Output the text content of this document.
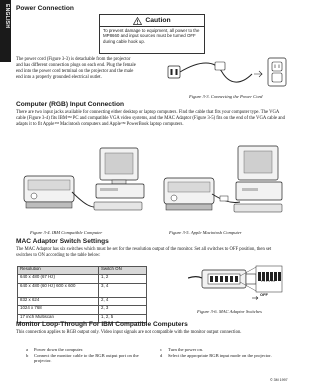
ENGLISH Power Connection
Caution
To prevent damage to equipment, all power to the MP8660 and input sources must be turned OFF during cable hook up.
The power cord (Figure 3-3) is detachable from the projector and has different connection plugs on each end. Plug the female end into the power cord terminal on the projector and the male end into a properly grounded electrical outlet.
Figure 3-3. Connecting the Power Cord
Computer (RGB) Input Connection
There are two input jacks available for connecting either desktop or laptop computers. Find the cable that fits your computer type. The VGA cable (Figure 3-4) fits IBM™ PC and compatible VGA video systems, and the MAC Adaptor (Figure 3-5) fits on the end of the VGA cable and adapts it to fit Apple™ Macintosh computers and Apple™ PowerBook laptop computers.
Figure 3-4. IBM Compatible Computer	Figure 3-5. Apple Macintosh Computer
MAC Adaptor Switch Settings
The MAC Adaptor has six switches which must be set for the resolution output of the monitor. Set all switches to OFF position, then set switches to ON according to the table below:
Resolution	Switch ON
640 x 480 (67 Hz)	1, 2
640 x 480 (60 Hz) 600 x 600	3, 4
832 x 624	2, 4
1024 x 768	2, 3
17 inch Multiscan	1, 2, 5
1 2 3 4 5 6
OFF
Figure 3-6. MAC Adaptor Switches
Monitor Loop-Through For IBM Compatible Computers
This connection applies to RGB output only. Video input signals are not compatible with the monitor output connection.
a Power down the computer.
b	Connect the monitor cable to the RGB output port on the projector.
c Turn the power on.
d	Select the appropriate RGB input mode on the projector.
© 3M 1997
